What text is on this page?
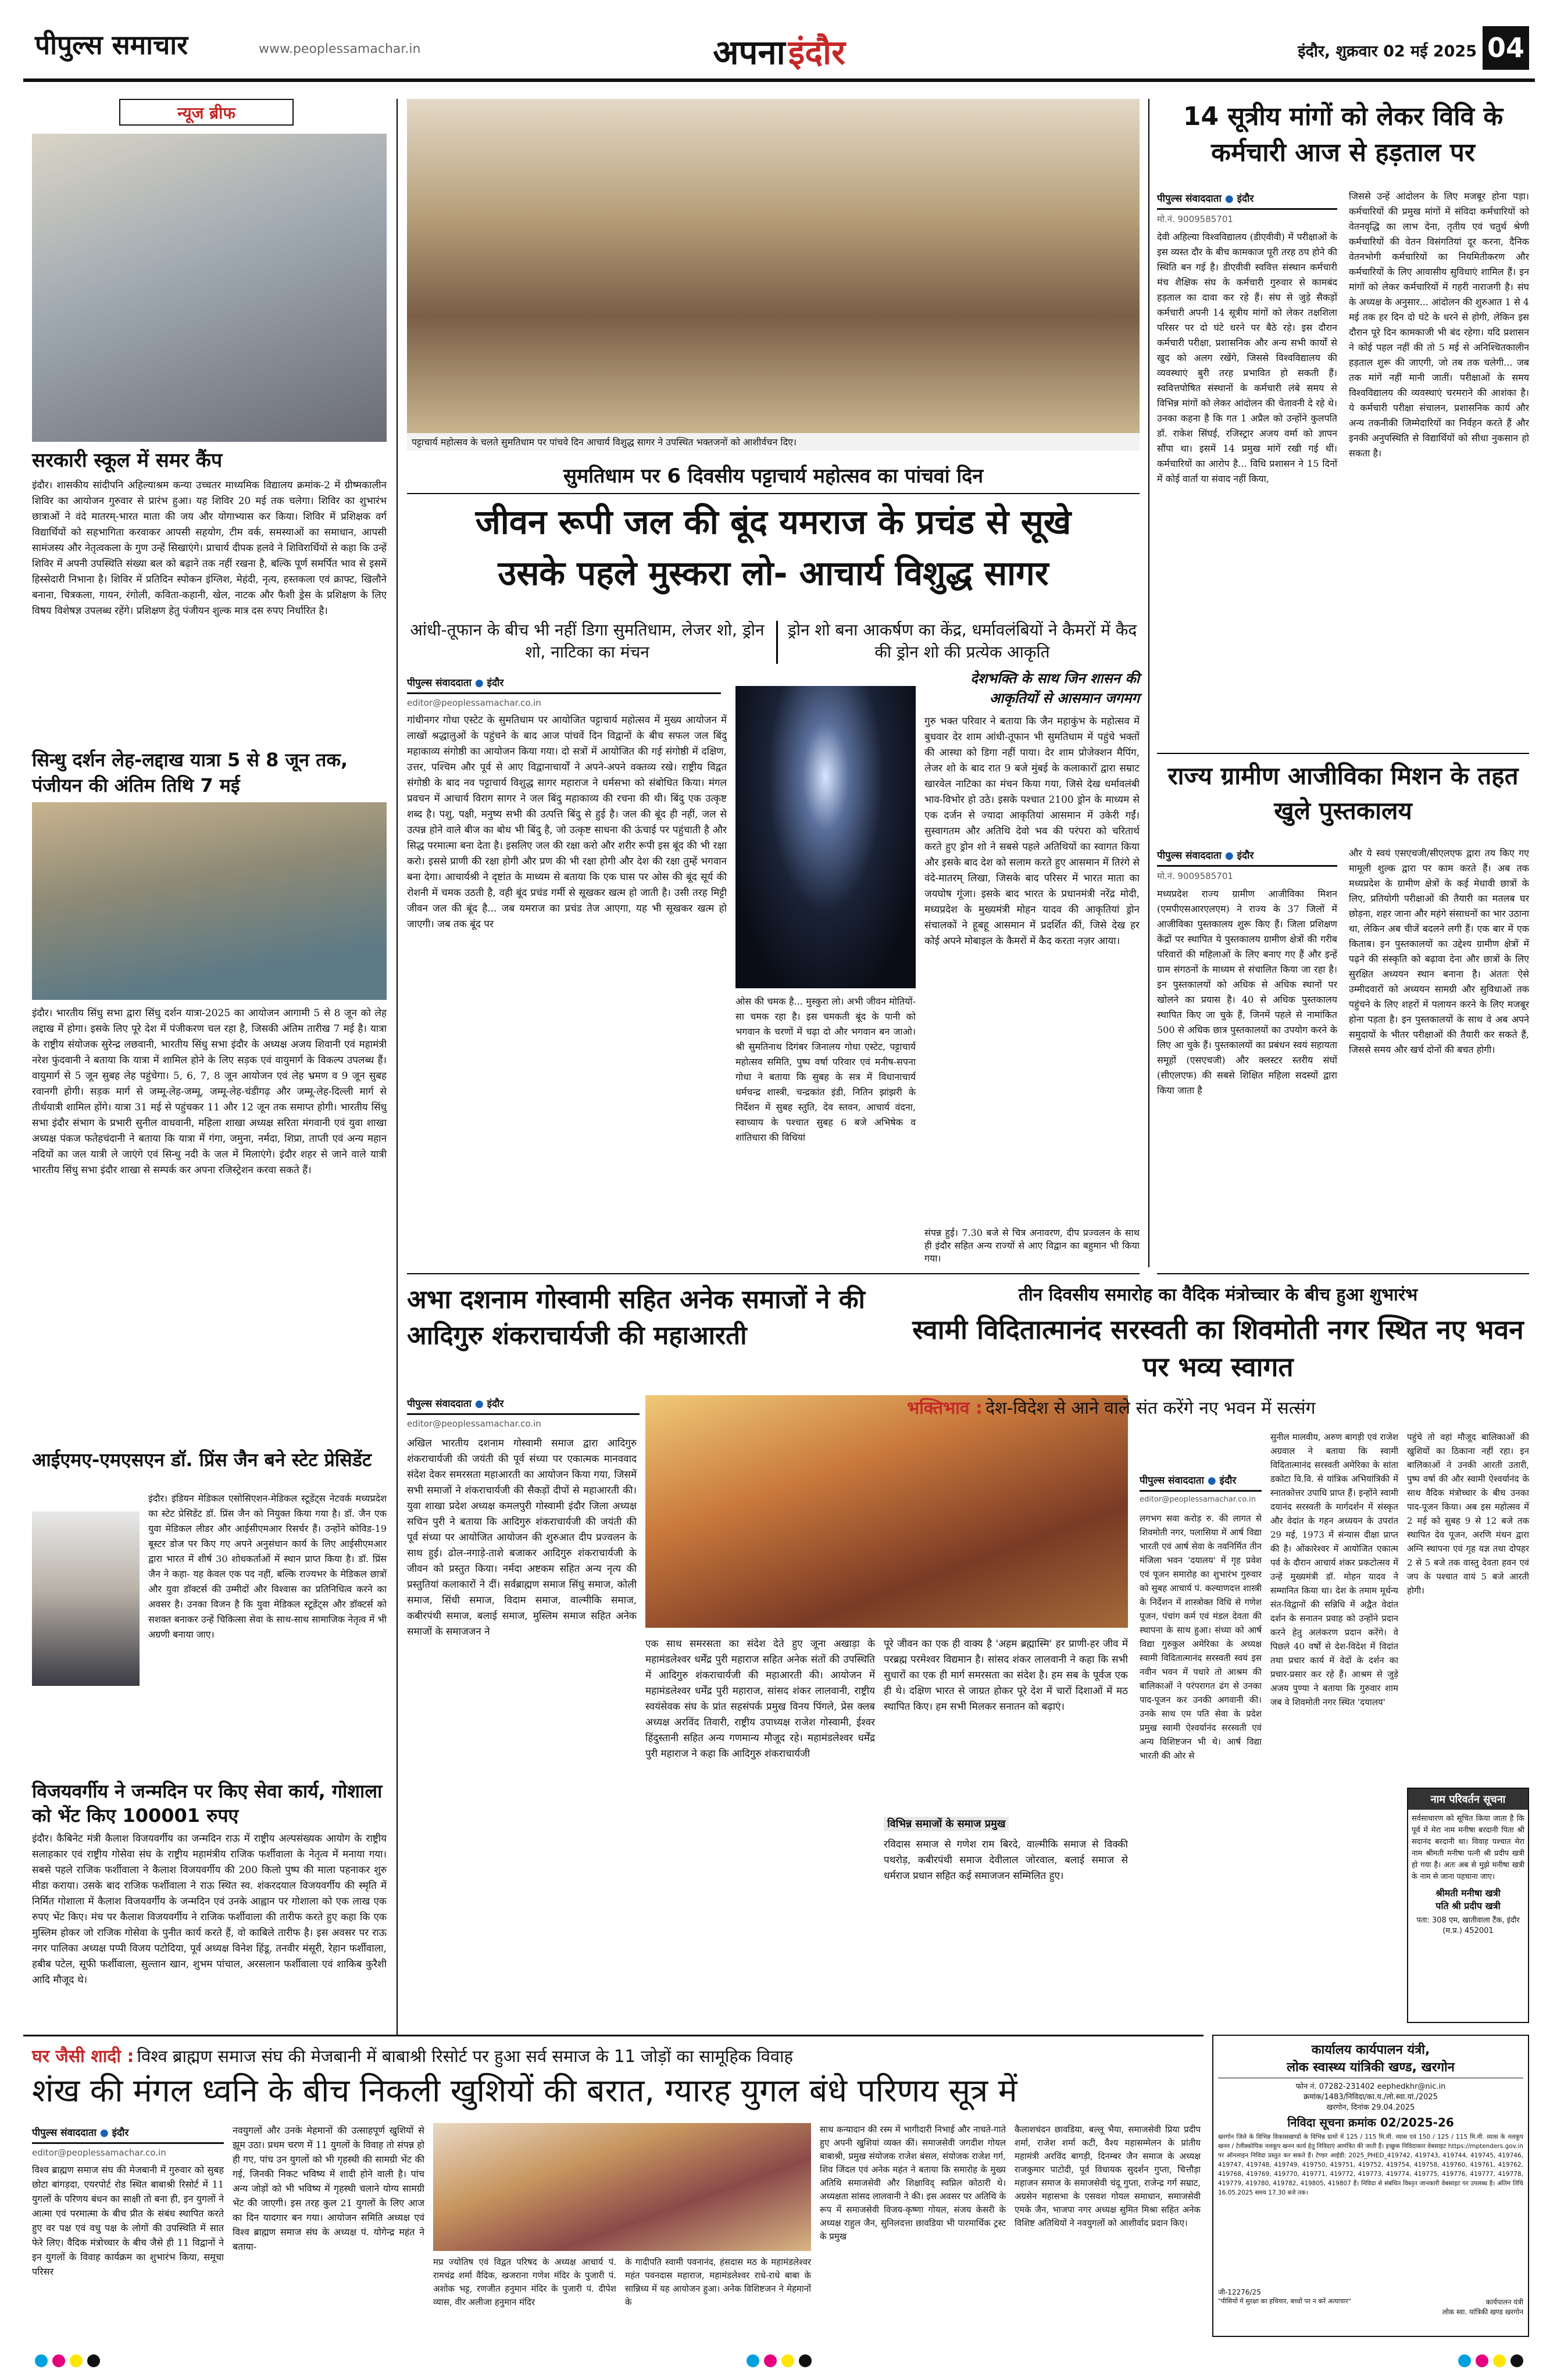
पीपुल्स समाचार	www.peoplessamachar.in	अपना इंदौर	इंदौर, शुक्रवार 02 मई 2025 04
न्यूज ब्रीफ
सरकारी स्कूल में समर कैंप

इंदौर। शासकीय सांदीपनि अहिल्याश्रम कन्या उच्चतर माध्यमिक विद्यालय क्रमांक-2 में ग्रीष्मकालीन शिविर का आयोजन गुरुवार से प्रारंभ हुआ। यह शिविर 20 मई तक चलेगा। शिविर का शुभारंभ छात्राओं ने वंदे मातरम्-भारत माता की जय और योगाभ्यास कर किया। शिविर में प्रशिक्षक वर्ग विद्यार्थियों को सहभागिता करवाकर आपसी सहयोग, टीम वर्क, समस्याओं का समाधान, आपसी सामंजस्य और नेतृत्वकला के गुण उन्हें सिखाएंगे। प्राचार्य दीपक हलवे ने शिविरार्थियों से कहा कि उन्हें शिविर में अपनी उपस्थिति संख्या बल को बढ़ाने तक नहीं रखना है, बल्कि पूर्ण समर्पित भाव से इसमें हिस्सेदारी निभाना है। शिविर में प्रतिदिन स्पोकन इंग्लिश, मेहंदी, नृत्य, हस्तकला एवं क्राफ्ट, खिलौने बनाना, चित्रकला, गायन, रंगोली, कविता-कहानी, खेल, नाटक और फैशी ड्रेस के प्रशिक्षण के लिए विषय विशेषज्ञ उपलब्ध रहेंगे। प्रशिक्षण हेतु पंजीयन शुल्क मात्र दस रुपए निर्धारित है।

सिन्धु दर्शन लेह-लद्दाख यात्रा 5 से 8 जून तक, पंजीयन की अंतिम तिथि 7 मई

इंदौर। भारतीय सिंधु सभा द्वारा सिंधु दर्शन यात्रा-2025 का आयोजन आगामी 5 से 8 जून को लेह लद्दाख में होगा। इसके लिए पूरे देश में पंजीकरण चल रहा है, जिसकी अंतिम तारीख 7 मई है। यात्रा के राष्ट्रीय संयोजक सुरेन्द्र लछवानी, भारतीय सिंधु सभा इंदौर के अध्यक्ष अजय शिवानी एवं महामंत्री नरेश फुंदवानी ने बताया कि यात्रा में शामिल होने के लिए सड़क एवं वायुमार्ग के विकल्प उपलब्ध हैं। वायुमार्ग से 5 जून सुबह लेह पहुंचेगा। 5, 6, 7, 8 जून आयोजन एवं लेह भ्रमण व 9 जून सुबह रवानगी होगी। सड़क मार्ग से जम्मू-लेह-जम्मू, जम्मू-लेह-चंडीगढ़ और जम्मू-लेह-दिल्ली मार्ग से तीर्थयात्री शामिल होंगे। यात्रा 31 मई से पहुंचकर 11 और 12 जून तक समाप्त होगी। भारतीय सिंधु सभा इंदौर संभाग के प्रभारी सुनील वाधवानी, महिला शाखा अध्यक्ष सरिता मंगवानी एवं युवा शाखा अध्यक्ष पंकज फतेहचंदानी ने बताया कि यात्रा में गंगा, जमुना, नर्मदा, शिप्रा, ताप्ती एवं अन्य महान नदियों का जल यात्री ले जाएंगे एवं सिन्धु नदी के जल में मिलाएंगे। इंदौर शहर से जाने वाले यात्री भारतीय सिंधु सभा इंदौर शाखा से सम्पर्क कर अपना रजिस्ट्रेशन करवा सकते हैं।

आईएमए-एमएसएन डॉ. प्रिंस जैन बने स्टेट प्रेसिडेंट

इंदौर। इंडियन मेडिकल एसोसिएशन-मेडिकल स्टूडेंट्स नेटवर्क मध्यप्रदेश का स्टेट प्रेसिडेंट डॉ. प्रिंस जैन को नियुक्त किया गया है। डॉ. जैन एक युवा मेडिकल लीडर और आईसीएमआर रिसर्चर हैं। उन्होंने कोविड-19 बूस्टर डोज पर किए गए अपने अनुसंधान कार्य के लिए आईसीएमआर द्वारा भारत में शीर्ष 30 शोधकर्ताओं में स्थान प्राप्त किया है। डॉ. प्रिंस जैन ने कहा- यह केवल एक पद नहीं, बल्कि राज्यभर के मेडिकल छात्रों और युवा डॉक्टर्स की उम्मीदों और विश्वास का प्रतिनिधित्व करने का अवसर है। उनका विजन है कि युवा मेडिकल स्टूडेंट्स और डॉक्टर्स को सशक्त बनाकर उन्हें चिकित्सा सेवा के साथ-साथ सामाजिक नेतृत्व में भी अग्रणी बनाया जाए।

विजयवर्गीय ने जन्मदिन पर किए सेवा कार्य, गोशाला को भेंट किए 100001 रुपए

इंदौर। कैबिनेट मंत्री कैलाश विजयवर्गीय का जन्मदिन राऊ में राष्ट्रीय अल्पसंख्यक आयोग के राष्ट्रीय सलाहकार एवं राष्ट्रीय गोसेवा संघ के राष्ट्रीय महामंत्रीय राजिक फर्शीवाला के नेतृत्व में मनाया गया। सबसे पहले राजिक फर्शीवाला ने कैलाश विजयवर्गीय की 200 किलो पुष्प की माला पहनाकर शुरु मीडा कराया। उसके बाद राजिक फर्शीवाला ने राऊ स्थित स्व. शंकरदयाल विजयवर्गीय की स्मृति में निर्मित गोशाला में कैलाश विजयवर्गीय के जन्मदिन एवं उनके आह्वान पर गोशाला को एक लाख एक रुपए भेंट किए। मंच पर कैलाश विजयवर्गीय ने राजिक फर्शीवाला की तारीफ करते हुए कहा कि एक मुस्लिम होकर जो राजिक गोसेवा के पुनीत कार्य करते हैं, वो काबिले तारीफ है। इस अवसर पर राऊ नगर पालिका अध्यक्ष पप्पी विजय पटोदिया, पूर्व अध्यक्ष विनेश हिंडू, तनवीर मंसूरी, रेहान फर्शीवाला, हबीब पटेल, सूफी फर्शीवाला, सुल्तान खान, शुभम पांचाल, अरसलान फर्शीवाला एवं शाकिब कुरैशी आदि मौजूद थे।

पट्टाचार्य महोत्सव के चलते सुमतिधाम पर पांचवे दिन आचार्य विशुद्ध सागर ने उपस्थित भक्तजनों को आशीर्वचन दिए।
सुमतिधाम पर 6 दिवसीय पट्टाचार्य महोत्सव का पांचवां दिन
जीवन रूपी जल की बूंद यमराज के प्रचंड से सूखे
उसके पहले मुस्करा लो- आचार्य विशुद्ध सागर
आंधी-तूफान के बीच भी नहीं डिगा सुमतिधाम, लेजर शो, ड्रोन शो, नाटिका का मंचन
ड्रोन शो बना आकर्षण का केंद्र, धर्मावलंबियों ने कैमरों में कैद की ड्रोन शो की प्रत्येक आकृति
पीपुल्स संवाददाता ● इंदौर
editor@peoplessamachar.co.in

गांधीनगर गोधा एस्टेट के सुमतिधाम पर आयोजित पट्टाचार्य महोत्सव में मुख्य आयोजन में लाखों श्रद्धालुओं के पहुंचने के बाद आज पांचवें दिन विद्वानों के बीच सफल जल बिंदु महाकाव्य संगोष्ठी का आयोजन किया गया। दो सत्रों में आयोजित की गई संगोष्ठी में दक्षिण, उत्तर, पश्चिम और पूर्व से आए विद्वानाचार्यों ने अपने-अपने वक्तव्य रखे। राष्ट्रीय विद्वत संगोष्ठी के बाद नव पट्टाचार्य विशुद्ध सागर महाराज ने धर्मसभा को संबोधित किया। मंगल प्रवचन में आचार्य विराग सागर ने जल बिंदु महाकाव्य की रचना की थी। बिंदु एक उत्कृष्ट शब्द है। पशु, पक्षी, मनुष्य सभी की उत्पत्ति बिंदु से हुई है। जल की बूंद ही नहीं, जल से उत्पन्न होने वाले बीज का बोध भी बिंदु है, जो उत्कृष्ट साधना की ऊंचाई पर पहुंचाती है और सिद्ध परमात्मा बना देता है। इसलिए जल की रक्षा करो और शरीर रूपी इस बूंद की भी रक्षा करो। इससे प्राणी की रक्षा होगी और प्रण की भी रक्षा होगी और देश की रक्षा तुम्हें भगवान बना देगा। आचार्यश्री ने दृष्टांत के माध्यम से बताया कि एक घास पर ओस की बूंद सूर्य की रोशनी में चमक उठती है, वही बूंद प्रचंड गर्मी से सूखकर खत्म हो जाती है। उसी तरह मिट्टी जीवन जल की बूंद है... जब यमराज का प्रचंड तेज आएगा, यह भी सूखकर खत्म हो जाएगी। जब तक बूंद पर

ओस की चमक है... मुस्कुरा लो। अभी जीवन मोतियों-सा चमक रहा है। इस चमकती बूंद के पानी को भगवान के चरणों में चढ़ा दो और भगवान बन जाओ। श्री सुमतिनाथ दिगंबर जिनालय गोधा एस्टेट, पट्टाचार्य महोत्सव समिति, पुष्प वर्षा परिवार एवं मनीष-सपना गोधा ने बताया कि सुबह के सत्र में विधानाचार्य धर्मचन्द्र शास्त्री, चन्द्रकांत इंडी, नितिन झांझरी के निर्देशन में सुबह स्तुति, देव स्तवन, आचार्य वंदना, स्वाध्याय के पश्चात सुबह 6 बजे अभिषेक व शांतिधारा की विधियां

देशभक्ति के साथ जिन शासन की आकृतियों से आसमान जगमग

गुरु भक्त परिवार ने बताया कि जैन महाकुंभ के महोत्सव में बुधवार देर शाम आंधी-तूफान भी सुमतिधाम में पहुंचे भक्तों की आस्था को डिगा नहीं पाया। देर शाम प्रोजेक्शन मैपिंग, लेजर शो के बाद रात 9 बजे मुंबई के कलाकारों द्वारा सम्राट खारवेल नाटिका का मंचन किया गया, जिसे देख धर्मावलंबी भाव-विभोर हो उठे। इसके पश्चात 2100 ड्रोन के माध्यम से एक दर्जन से ज्यादा आकृतियां आसमान में उकेरी गईं। सुस्वागतम और अतिथि देवो भव की परंपरा को चरितार्थ करते हुए ड्रोन शो ने सबसे पहले अतिथियों का स्वागत किया और इसके बाद देश को सलाम करते हुए आसमान में तिरंगे से वंदे-मातरम् लिखा, जिसके बाद परिसर में भारत माता का जयघोष गूंजा। इसके बाद भारत के प्रधानमंत्री नरेंद्र मोदी, मध्यप्रदेश के मुख्यमंत्री मोहन यादव की आकृतियां ड्रोन संचालकों ने हूबहू आसमान में प्रदर्शित कीं, जिसे देख हर कोई अपने मोबाइल के कैमरों में कैद करता नज़र आया।

संपन्न हुई। 7.30 बजे से चित्र अनावरण, दीप प्रज्वलन के साथ ही इंदौर सहित अन्य राज्यों से आए विद्वान का बहुमान भी किया गया।

अभा दशनाम गोस्वामी सहित अनेक समाजों ने की आदिगुरु शंकराचार्यजी की महाआरती
पीपुल्स संवाददाता ● इंदौर
editor@peoplessamachar.co.in

अखिल भारतीय दशनाम गोस्वामी समाज द्वारा आदिगुरु शंकराचार्यजी की जयंती की पूर्व संध्या पर एकात्मक मानववाद संदेश देकर समरसता महाआरती का आयोजन किया गया, जिसमें सभी समाजों ने शंकराचार्यजी की सैकड़ों दीपों से महाआरती की। युवा शाखा प्रदेश अध्यक्ष कमलपुरी गोस्वामी इंदौर जिला अध्यक्ष सचिन पुरी ने बताया कि आदिगुरु शंकराचार्यजी की जयंती की पूर्व संध्या पर आयोजित आयोजन की शुरुआत दीप प्रज्वलन के साथ हुई। ढोल-नगाड़े-ताशे बजाकर आदिगुरु शंकराचार्यजी के जीवन को प्रस्तुत किया। नर्मदा अष्टकम सहित अन्य नृत्य की प्रस्तुतियां कलाकारों ने दीं। सर्वब्राह्मण समाज सिंधु समाज, कोली समाज, सिंधी समाज, विदाम समाज, वाल्मीकि समाज, कबीरपंथी समाज, बलाई समाज, मुस्लिम समाज सहित अनेक समाजों के समाजजन ने

एक साथ समरसता का संदेश देते हुए जूना अखाड़ा के महामंडलेश्वर धर्मेंद्र पुरी महाराज सहित अनेक संतों की उपस्थिति में आदिगुरु शंकराचार्यजी की महाआरती की। आयोजन में महामंडलेश्वर धर्मेंद्र पुरी महाराज, सांसद शंकर लालवानी, राष्ट्रीय स्वयंसेवक संघ के प्रांत सहसंपर्क प्रमुख विनय पिंगले, प्रेस क्लब अध्यक्ष अरविंद तिवारी, राष्ट्रीय उपाध्यक्ष राजेश गोस्वामी, ईश्वर हिंदुस्तानी सहित अन्य गणमान्य मौजूद रहे। महामंडलेश्वर धर्मेंद्र पुरी महाराज ने कहा कि आदिगुरु शंकराचार्यजी

पूरे जीवन का एक ही वाक्य है 'अहम ब्रह्मास्मि' हर प्राणी-हर जीव में परब्रह्म परमेश्वर विद्यमान है। सांसद शंकर लालवानी ने कहा कि सभी सुधारों का एक ही मार्ग समरसता का संदेश है। हम सब के पूर्वज एक ही थे। दक्षिण भारत से जाग्रत होकर पूरे देश में चारों दिशाओं में मठ स्थापित किए। हम सभी मिलकर सनातन को बढ़ाएं।

विभिन्न समाजों के समाज प्रमुख

रविदास समाज से गणेश राम बिरदे, वाल्मीकि समाज से विक्की पथरोड़, कबीरपंथी समाज देवीलाल जोरवाल, बलाई समाज से धर्मराज प्रधान सहित कई समाजजन सम्मिलित हुए।

14 सूत्रीय मांगों को लेकर विवि के कर्मचारी आज से हड़ताल पर
पीपुल्स संवाददाता ● इंदौर
मो.नं. 9009585701

देवी अहिल्या विश्वविद्यालय (डीएवीवी) में परीक्षाओं के इस व्यस्त दौर के बीच कामकाज पूरी तरह ठप होने की स्थिति बन गई है। डीएवीवी स्ववित्त संस्थान कर्मचारी मंच शैक्षिक संघ के कर्मचारी गुरुवार से कामबंद हड़ताल का दावा कर रहे हैं। संघ से जुड़े सैकड़ों कर्मचारी अपनी 14 सूत्रीय मांगों को लेकर तक्षशिला परिसर पर दो घंटे धरने पर बैठे रहे। इस दौरान कर्मचारी परीक्षा, प्रशासनिक और अन्य सभी कार्यों से खुद को अलग रखेंगे, जिससे विश्वविद्यालय की व्यवस्थाएं बुरी तरह प्रभावित हो सकती हैं। स्ववित्तपोषित संस्थानों के कर्मचारी लंबे समय से विभिन्न मांगों को लेकर आंदोलन की चेतावनी दे रहे थे। उनका कहना है कि गत 1 अप्रैल को उन्होंने कुलपति डॉ. राकेश सिंघई, रजिस्ट्रार अजय वर्मा को ज्ञापन सौंपा था। इसमें 14 प्रमुख मांगें रखी गई थीं। कर्मचारियों का आरोप है... विधि प्रशासन ने 15 दिनों में कोई वार्ता या संवाद नहीं किया,

जिससे उन्हें आंदोलन के लिए मजबूर होना पड़ा। कर्मचारियों की प्रमुख मांगों में संविदा कर्मचारियों को वेतनवृद्धि का लाभ देना, तृतीय एवं चतुर्थ श्रेणी कर्मचारियों की वेतन विसंगतियां दूर करना, दैनिक वेतनभोगी कर्मचारियों का नियमितीकरण और कर्मचारियों के लिए आवासीय सुविधाएं शामिल हैं। इन मांगों को लेकर कर्मचारियों में गहरी नाराजगी है। संघ के अध्यक्ष के अनुसार... आंदोलन की शुरुआत 1 से 4 मई तक हर दिन दो घंटे के धरने से होगी, लेकिन इस दौरान पूरे दिन कामकाजी भी बंद रहेगा। यदि प्रशासन ने कोई पहल नहीं की तो 5 मई से अनिश्चितकालीन हड़ताल शुरू की जाएगी, जो तब तक चलेगी... जब तक मांगें नहीं मानी जातीं। परीक्षाओं के समय विश्वविद्यालय की व्यवस्थाएं चरमराने की आशंका है। ये कर्मचारी परीक्षा संचालन, प्रशासनिक कार्य और अन्य तकनीकी जिम्मेदारियों का निर्वहन करते हैं और इनकी अनुपस्थिति से विद्यार्थियों को सीधा नुकसान हो सकता है।

राज्य ग्रामीण आजीविका मिशन के तहत खुले पुस्तकालय
पीपुल्स संवाददाता ● इंदौर
मो.नं. 9009585701

मध्यप्रदेश राज्य ग्रामीण आजीविका मिशन (एमपीएसआरएलएम) ने राज्य के 37 जिलों में आजीविका पुस्तकालय शुरू किए हैं। जिला प्रशिक्षण केंद्रों पर स्थापित ये पुस्तकालय ग्रामीण क्षेत्रों की गरीब परिवारों की महिलाओं के लिए बनाए गए हैं और इन्हें ग्राम संगठनों के माध्यम से संचालित किया जा रहा है। इन पुस्तकालयों को अधिक से अधिक स्थानों पर खोलने का प्रयास है। 40 से अधिक पुस्तकालय स्थापित किए जा चुके हैं, जिनमें पहले से नामांकित 500 से अधिक छात्र पुस्तकालयों का उपयोग करने के लिए आ चुके हैं। पुस्तकालयों का प्रबंधन स्वयं सहायता समूहों (एसएचजी) और क्लस्टर स्तरीय संघों (सीएलएफ) की सबसे शिक्षित महिला सदस्यों द्वारा किया जाता है

और ये स्वयं एसएचजी/सीएलएफ द्वारा तय किए गए मामूली शुल्क द्वारा पर काम करते हैं। अब तक मध्यप्रदेश के ग्रामीण क्षेत्रों के कई मेधावी छात्रों के लिए, प्रतियोगी परीक्षाओं की तैयारी का मतलब घर छोड़ना, शहर जाना और महंगे संसाधनों का भार उठाना था, लेकिन अब चीजें बदलने लगी हैं। एक बार में एक किताब। इन पुस्तकालयों का उद्देश्य ग्रामीण क्षेत्रों में पढ़ने की संस्कृति को बढ़ावा देना और छात्रों के लिए सुरक्षित अध्ययन स्थान बनाना है। अंततः ऐसे उम्मीदवारों को अध्ययन सामग्री और सुविधाओं तक पहुंचने के लिए शहरों में पलायन करने के लिए मजबूर होना पड़ता है। इन पुस्तकालयों के साथ वे अब अपने समुदायों के भीतर परीक्षाओं की तैयारी कर सकते हैं, जिससे समय और खर्च दोनों की बचत होगी।

तीन दिवसीय समारोह का वैदिक मंत्रोच्चार के बीच हुआ शुभारंभ
स्वामी विदितात्मानंद सरस्वती का शिवमोती नगर स्थित नए भवन पर भव्य स्वागत
भक्तिभाव : देश-विदेश से आने वाले संत करेंगे नए भवन में सत्संग
पीपुल्स संवाददाता ● इंदौर
editor@peoplessamachar.co.in

लगभग सवा करोड़ रु. की लागत से शिवमोती नगर, पलासिया में आर्ष विद्या भारती एवं आर्ष सेवा के नवनिर्मित तीन मंजिला भवन 'दयालय' में गृह प्रवेश एवं पूजन समारोह का शुभारंभ गुरुवार को सुबह आचार्य पं. कल्याणदत्त शास्त्री के निर्देशन में शास्त्रोक्त विधि से गणेश पूजन, पंचांग कर्म एवं मंडल देवता की स्थापना के साथ हुआ। संध्या को आर्ष विद्या गुरुकुल अमेरिका के अध्यक्ष स्वामी विदितात्मानंद सरस्वती स्वयं इस नवीन भवन में पधारे तो आश्रम की बालिकाओं ने परंपरागत ढंग से उनका पाद-पूजन कर उनकी अगवानी की। उनके साथ एम पति सेवा के प्रदेश प्रमुख स्वामी ऐश्वर्यानंद सरस्वती एवं अन्य विशिष्टजन भी थे। आर्ष विद्या भारती की ओर से

सुनील मालवीय, अरुण बागड़ी एवं राजेश अग्रवाल ने बताया कि स्वामी विदितात्मानंद सरस्वती अमेरिका के सांता डकोटा वि.वि. से यांत्रिक अभियांत्रिकी में स्नातकोत्तर उपाधि प्राप्त हैं। इन्होंने स्वामी दयानंद सरस्वती के मार्गदर्शन में संस्कृत और वेदांत के गहन अध्ययन के उपरांत 29 मई, 1973 में संन्यास दीक्षा प्राप्त की है। ओंकारेश्वर में आयोजित एकात्म पर्व के दौरान आचार्य शंकर प्रकटोत्सव में उन्हें मुख्यमंत्री डॉ. मोहन यादव ने सम्मानित किया था। देश के तमाम मूर्धन्य संत-विद्वानों की सन्निधि में अद्वैत वेदांत दर्शन के सनातन प्रवाह को उन्होंने प्रदान करने हेतु अलंकरण प्रदान करेंगे। वे पिछले 40 वर्षों से देश-विदेश में विदांत तथा प्रचार कार्य में वेदों के दर्शन का प्रचार-प्रसार कर रहे हैं। आश्रम से जुड़े अजय पुण्या ने बताया कि गुरुवार शाम जब वे शिवमोती नगर स्थित 'दयालय'

पहुंचे तो वहां मौजूद बालिकाओं की खुशियों का ठिकाना नहीं रहा। इन बालिकाओं ने उनकी आरती उतारी, पुष्प वर्षा की और स्वामी ऐश्वर्यानंद के साथ वैदिक मंत्रोच्चार के बीच उनका पाद-पूजन किया। अब इस महोत्सव में 2 मई को सुबह 9 से 12 बजे तक स्थापित देव पूजन, अरणि मंथन द्वारा अग्नि स्थापना एवं गृह यज्ञ तथा दोपहर 2 से 5 बजे तक वास्तु देवता हवन एवं जप के पश्चात वायं 5 बजे आरती होगी।

नाम परिवर्तन सूचना

सर्वसाधारण को सूचित किया जाता है कि पूर्व में मेरा नाम मनीषा बरदानी पिता श्री सदानंद बरदानी था। विवाह पश्चात मेरा नाम श्रीमती मनीषा पत्नी श्री प्रदीप खत्री हो गया है। अतः अब से मुझे मनीषा खत्री के नाम से जाना पहचाना जाए।

श्रीमती मनीषा खत्री
पति श्री प्रदीप खत्री
पता: 308 एम, खातीवाला टैंक, इंदौर (म.प्र.) 452001
घर जैसी शादी : विश्व ब्राह्मण समाज संघ की मेजबानी में बाबाश्री रिसोर्ट पर हुआ सर्व समाज के 11 जोड़ों का सामूहिक विवाह
शंख की मंगल ध्वनि के बीच निकली खुशियों की बरात, ग्यारह युगल बंधे परिणय सूत्र में
पीपुल्स संवाददाता ● इंदौर
editor@peoplessamachar.co.in

विश्व ब्राह्मण समाज संघ की मेजबानी में गुरुवार को सुबह छोटा बांगड़दा, एयरपोर्ट रोड स्थित बाबाश्री रिसोर्ट में 11 युगलों के परिणय बंधन का साक्षी तो बना ही, इन युगलों ने आत्मा एवं परमात्मा के बीच प्रीत के संबंध स्थापित करते हुए वर पक्ष एवं वधु पक्ष के लोगों की उपस्थिति में सात फेरे लिए। वैदिक मंत्रोच्चार के बीच जैसे ही 11 विद्वानों ने इन युगलों के विवाह कार्यक्रम का शुभारंभ किया, समूचा परिसर

नवयुगलों और उनके मेहमानों की उत्साहपूर्ण खुशियों से झूम उठा। प्रथम चरण में 11 युगलों के विवाह तो संपन्न हो ही गए, पांच उन युगलों को भी गृहस्थी की सामग्री भेंट की गई, जिनकी निकट भविष्य में शादी होने वाली है। पांच अन्य जोड़ों को भी भविष्य में गृहस्थी चलाने योग्य सामग्री भेंट की जाएगी। इस तरह कुल 21 युगलों के लिए आज का दिन यादगार बन गया। आयोजन समिति अध्यक्ष एवं विश्व ब्राह्मण समाज संघ के अध्यक्ष पं. योगेन्द्र महंत ने बताया-

मप्र ज्योतिष एवं विद्वत परिषद के अध्यक्ष आचार्य पं. रामचंद्र शर्मा वैदिक, खजराना गणेश मंदिर के पुजारी पं. अशोक भट्ट, रणजीत हनुमान मंदिर के पुजारी पं. दीपेश व्यास, वीर अलीजा हनुमान मंदिर

के गादीपति स्वामी पवनानंद, हंसदास मठ के महामंडलेश्वर महंत पवनदास महाराज, महामंडलेश्वर राधे-राधे बाबा के सान्निध्य में यह आयोजन हुआ। अनेक विशिष्टजन ने मेहमानों के

साथ कन्यादान की रस्म में भागीदारी निभाई और नाचते-गाते हुए अपनी खुशियां व्यक्त कीं। समाजसेवी जगदीश गोयल बाबाश्री, प्रमुख संयोजक राजेश बंसल, संयोजक राजेश गर्ग, शिव जिंदल एवं अनेक महंत ने बताया कि समारोह के मुख्य अतिथि समाजसेवी और शिक्षाविद् स्वप्निल कोठारी थे। अध्यक्षता सांसद लालवानी ने की। इस अवसर पर अतिथि के रूप में समाजसेवी विजय-कृष्णा गोयल, संजय केसरी के अध्यक्ष राहुल जैन, सुनिलदत्ता छावडिया भी पारमार्थिक ट्रस्ट के प्रमुख

कैलाशचंदन छावडिया, बल्लू भैया, समाजसेवी प्रिया प्रदीप शर्मा, राजेश शर्मा कटी, वैश्य महासम्मेलन के प्रांतीय महामंत्री अरविंद बागड़ी, दिनम्बर जैन समाज के अध्यक्ष राजकुमार पाटोदी, पूर्व विधायक सुदर्शन गुप्ता, चित्तौड़ा महाजन समाज के समाजसेवी चंदू गुप्ता, राजेन्द्र गर्ग सम्राट, अग्रसेन महासभा के एसवश गोयल समाधान, समाजसेवी एमके जैन, भाजपा नगर अध्यक्ष सुमित मिश्रा सहित अनेक विशिष्ट अतिथियों ने नवयुगलों को आशीर्वाद प्रदान किए।

कार्यालय कार्यपालन यंत्री,
लोक स्वास्थ्य यांत्रिकी खण्ड, खरगोन
फोन नं. 07282-231402 eephedkhr@nic.in
क्रमांक/1483/निविदा/का.य./लो.स्वा.यां./2025
खरगोन, दिनांक 29.04.2025
निविदा सूचना क्रमांक 02/2025-26

खरगोन जिले के विभिन्न विकासखण्डों के विभिन्न ग्रामों में 125 / 115 मि.मी. व्यास एवं 150 / 125 / 115 मि.मी. व्यास के नलकूप खनन / टेलीस्कोपिक नलकूप खनन कार्य हेतु निविदाएं आमंत्रित की जाती हैं। इच्छुक निविदाकार वेबसाइट https://mptenders.gov.in पर ऑनलाइन निविदा प्रस्तुत कर सकते हैं। टेण्डर आईडी: 2025_PHED_419742, 419743, 419744, 419745, 419746, 419747, 419748, 419749, 419750, 419751, 419752, 419754, 419758, 419760, 419761, 419762, 419768, 419769, 419770, 419771, 419772, 419773, 419774, 419775, 419776, 419777, 419778, 419779, 419780, 419782, 419805, 419807 हैं। निविदा से संबंधित विस्तृत जानकारी वेबसाइट पर उपलब्ध है। अंतिम तिथि 16.05.2025 समय 17.30 बजे तक।

जी-12276/25
"पीसियों में सुरक्षा का हथियार, बच्चों पर न करें अत्याचार"	कार्यपालन यंत्री
लोक स्वा. यांत्रिकी खण्ड खरगोन
